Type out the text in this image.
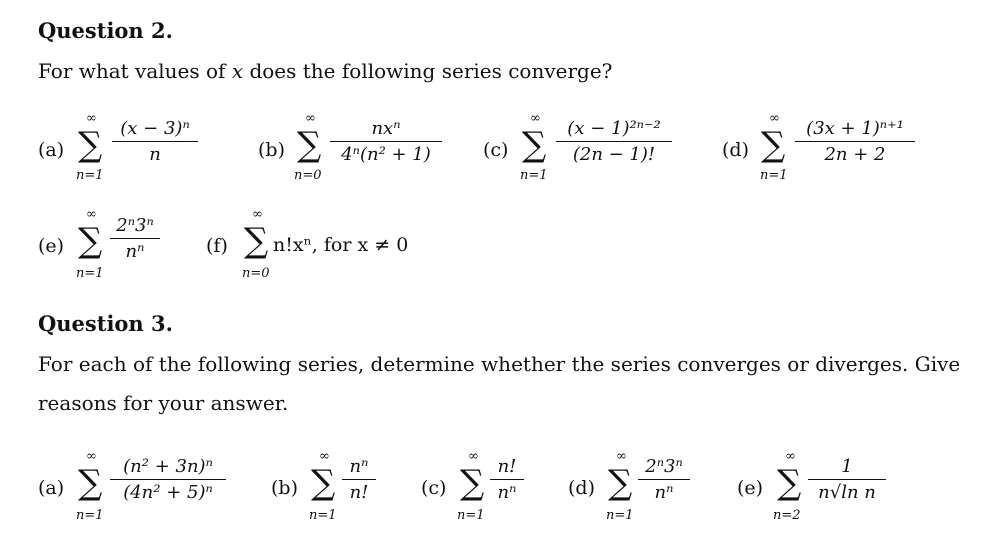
Question 2.
For what values of x does the following series converge?
(a)
∞
∑
n=1
(x − 3)ⁿ
n	(b)
∞
∑
n=0
nxⁿ
4ⁿ(n² + 1)	(c)
∞
∑
n=1
(x − 1)²ⁿ⁻²
(2n − 1)!	(d)
∞
∑
n=1
(3x + 1)ⁿ⁺¹
2n + 2
(e)
∞
∑
n=1
2ⁿ3ⁿ
nⁿ	(f)
∞
∑
n=0
n!xⁿ, for x ≠ 0
Question 3.
For each of the following series, determine whether the series converges or diverges. Give
reasons for your answer.
(a)
∞
∑
n=1
(n² + 3n)ⁿ
(4n² + 5)ⁿ	(b)
∞
∑
n=1
nⁿ
n!	(c)
∞
∑
n=1
n!
nⁿ	(d)
∞
∑
n=1
2ⁿ3ⁿ
nⁿ	(e)
∞
∑
n=2
1
n√ln n
